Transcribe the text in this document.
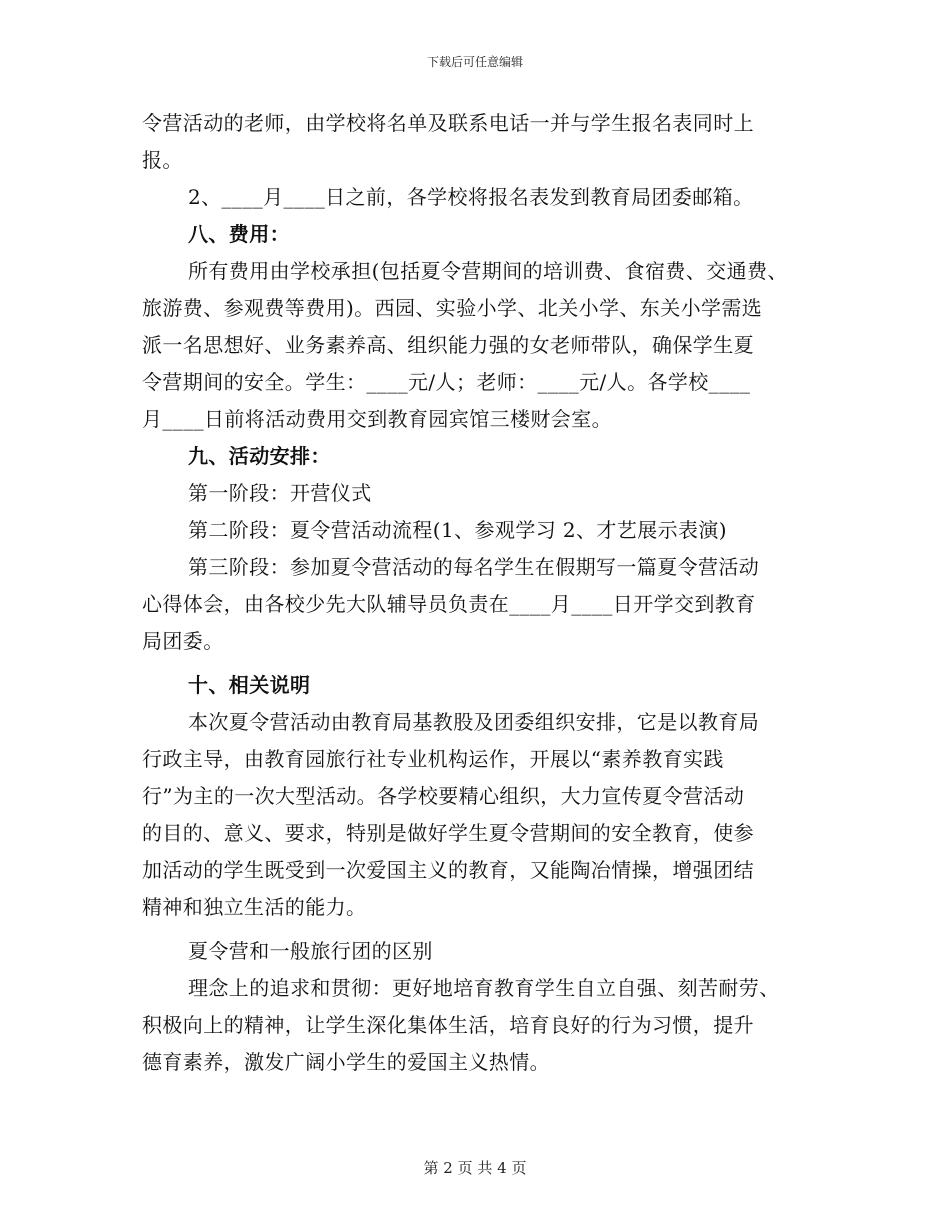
下载后可任意编辑
令营活动的老师，由学校将名单及联系电话一并与学生报名表同时上
报。
2、____月____日之前，各学校将报名表发到教育局团委邮箱。
八、费用：
所有费用由学校承担(包括夏令营期间的培训费、食宿费、交通费、
旅游费、参观费等费用)。西园、实验小学、北关小学、东关小学需选
派一名思想好、业务素养高、组织能力强的女老师带队，确保学生夏
令营期间的安全。学生：____元/人；老师：____元/人。各学校____
月____日前将活动费用交到教育园宾馆三楼财会室。
九、活动安排：
第一阶段：开营仪式
第二阶段：夏令营活动流程(1、参观学习 2、才艺展示表演)
第三阶段：参加夏令营活动的每名学生在假期写一篇夏令营活动
心得体会，由各校少先大队辅导员负责在____月____日开学交到教育
局团委。
十、相关说明
本次夏令营活动由教育局基教股及团委组织安排，它是以教育局
行政主导，由教育园旅行社专业机构运作，开展以“素养教育实践
行”为主的一次大型活动。各学校要精心组织，大力宣传夏令营活动
的目的、意义、要求，特别是做好学生夏令营期间的安全教育，使参
加活动的学生既受到一次爱国主义的教育，又能陶冶情操，增强团结
精神和独立生活的能力。
夏令营和一般旅行团的区别
理念上的追求和贯彻：更好地培育教育学生自立自强、刻苦耐劳、
积极向上的精神，让学生深化集体生活，培育良好的行为习惯，提升
德育素养，激发广阔小学生的爱国主义热情。
第 2 页 共 4 页
